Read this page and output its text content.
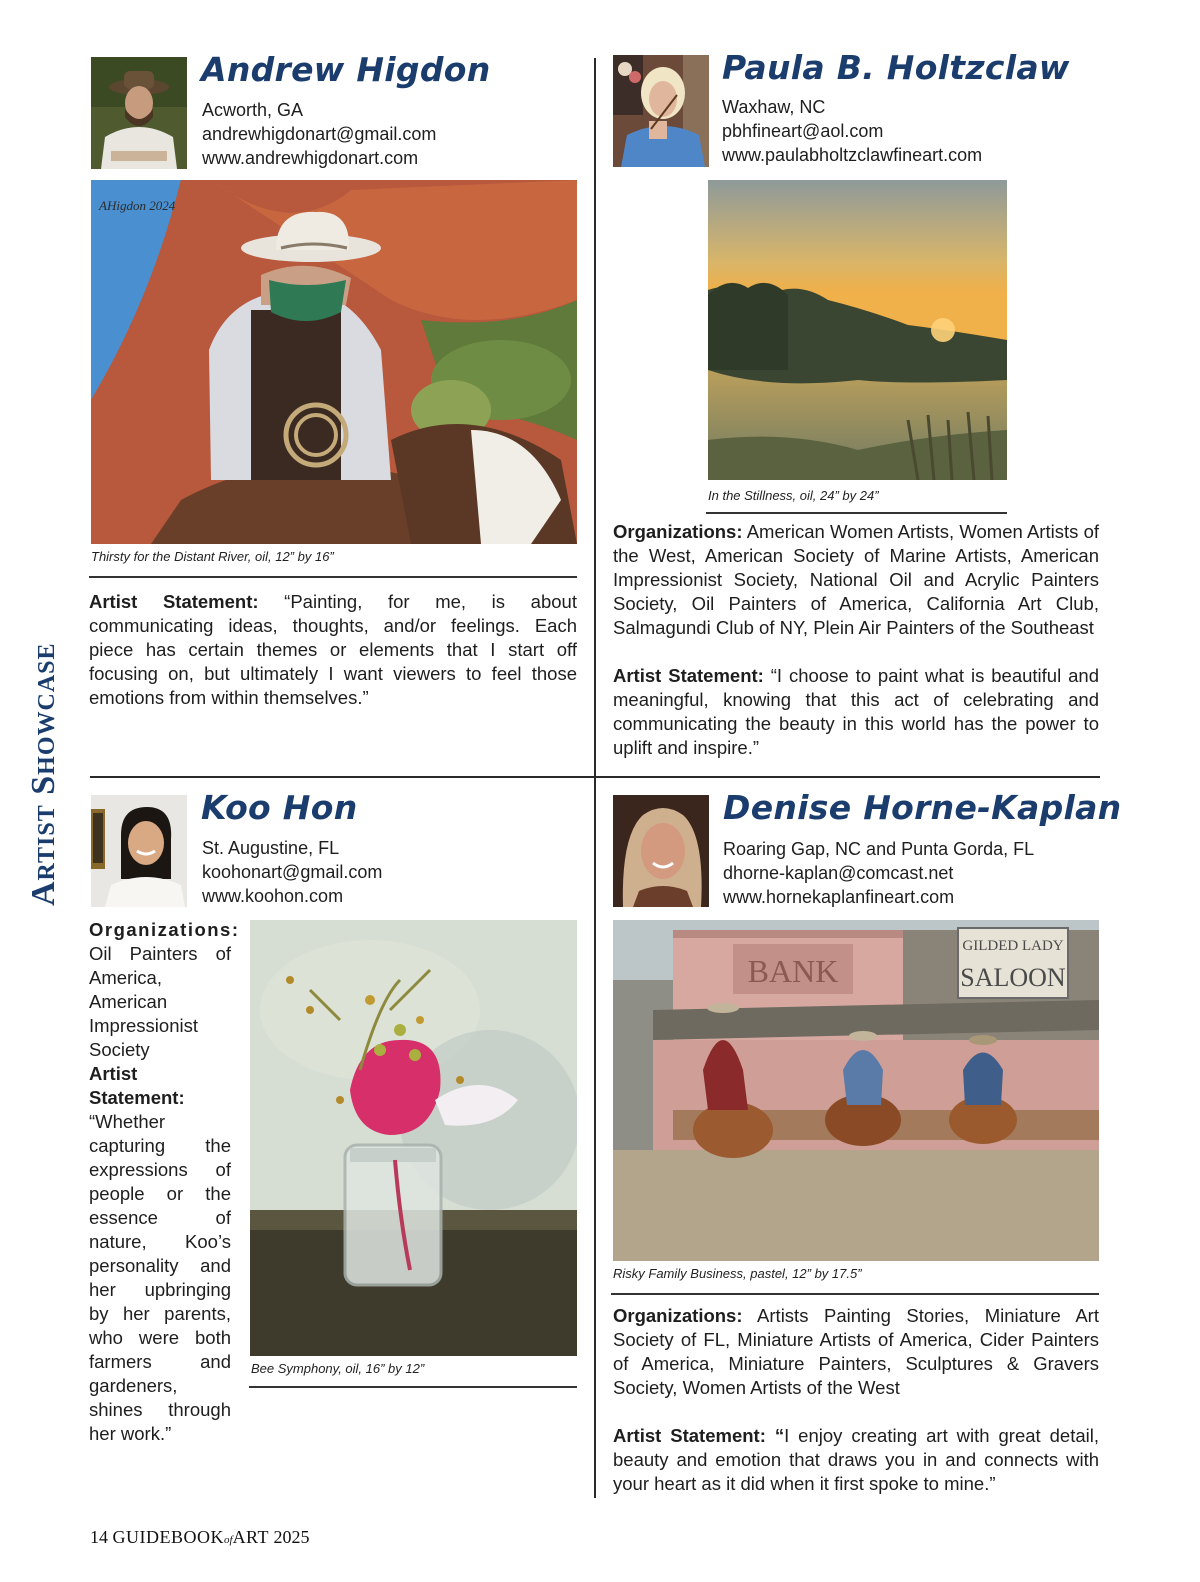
Artist Showcase
Andrew Higdon
Acworth, GA
andrewhigdonart@gmail.com
www.andrewhigdonart.com
AHigdon 2024
Thirsty for the Distant River, oil, 12” by 16”
Artist Statement: “Painting, for me, is about communicating ideas, thoughts, and/or feelings. Each piece has certain themes or elements that I start off focusing on, but ultimately I want viewers to feel those emotions from within themselves.”
Paula B. Holtzclaw
Waxhaw, NC
pbhfineart@aol.com
www.paulabholtzclawfineart.com
In the Stillness, oil, 24” by 24”
Organizations: American Women Artists, Women Artists of the West, American Society of Marine Artists, American Impressionist Society, National Oil and Acrylic Painters Society, Oil Painters of America, California Art Club, Salmagundi Club of NY, Plein Air Painters of the Southeast
Artist Statement: “I choose to paint what is beautiful and meaningful, knowing that this act of celebrating and communicating the beauty in this world has the power to uplift and inspire.”
Koo Hon
St. Augustine, FL
koohonart@gmail.com
www.koohon.com
Organizations:
Oil Painters of America, American Impressionist Society
Artist Statement:
“Whether capturing the expressions of people or the essence of nature, Koo’s personality and her upbringing by her parents, who were both farmers and gardeners, shines through her work.”
Bee Symphony, oil, 16” by 12”
Denise Horne-Kaplan
Roaring Gap, NC and Punta Gorda, FL
dhorne-kaplan@comcast.net
www.hornekaplanfineart.com
BANK
GILDED LADY
SALOON
Risky Family Business, pastel, 12” by 17.5”
Organizations: Artists Painting Stories, Miniature Art Society of FL, Miniature Artists of America, Cider Painters of America, Miniature Painters, Sculptures & Gravers Society, Women Artists of the West
Artist Statement: “I enjoy creating art with great detail, beauty and emotion that draws you in and connects with your heart as it did when it first spoke to mine.”
14 GUIDEBOOKofART 2025
